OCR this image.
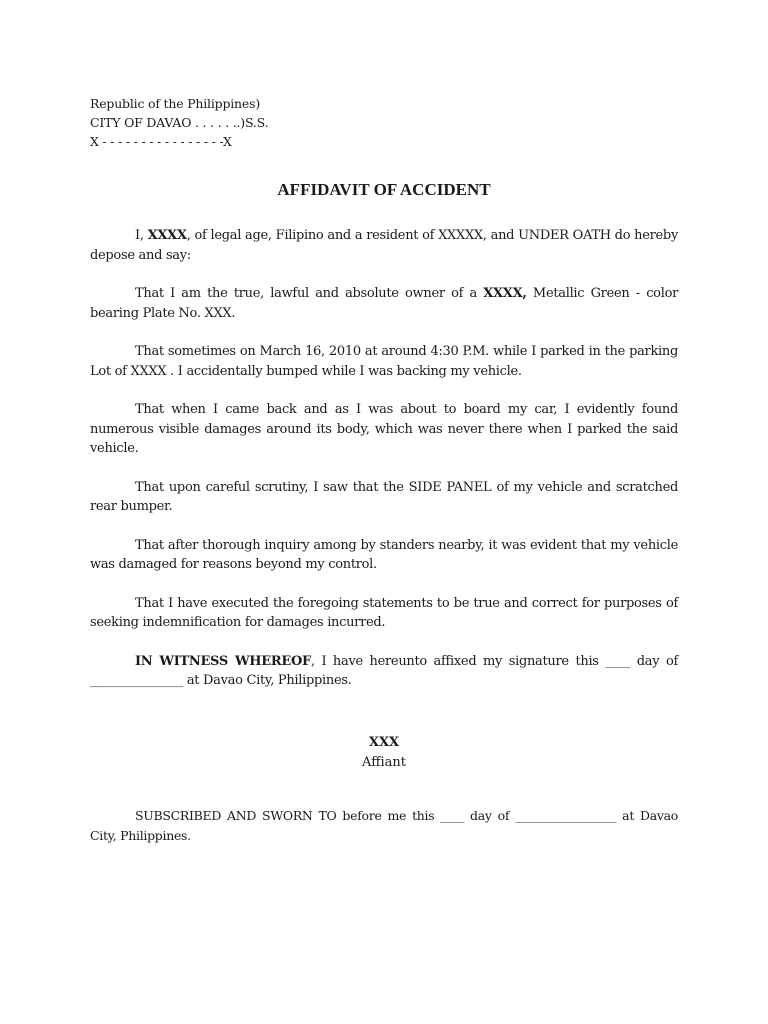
Republic of the Philippines)
CITY OF DAVAO . . . . . ..)S.S.
X - - - - - - - - - - - - - - - -X
AFFIDAVIT OF ACCIDENT

I, XXXX, of legal age, Filipino and a resident of XXXXX, and UNDER OATH do hereby depose and say:

That I am the true, lawful and absolute owner of a XXXX, Metallic Green - color bearing Plate No. XXX.

That sometimes on March 16, 2010 at around 4:30 P.M. while I parked in the parking Lot of XXXX . I accidentally bumped while I was backing my vehicle.

That when I came back and as I was about to board my car, I evidently found numerous visible damages around its body, which was never there when I parked the said vehicle.

That upon careful scrutiny, I saw that the SIDE PANEL of my vehicle and scratched rear bumper.

That after thorough inquiry among by standers nearby, it was evident that my vehicle was damaged for reasons beyond my control.

That I have executed the foregoing statements to be true and correct for purposes of seeking indemnification for damages incurred.

IN WITNESS WHEREOF, I have hereunto affixed my signature this ____ day of _______________ at Davao City, Philippines.

XXX
Affiant
SUBSCRIBED AND SWORN TO before me this ____ day of _________________ at Davao City, Philippines.
